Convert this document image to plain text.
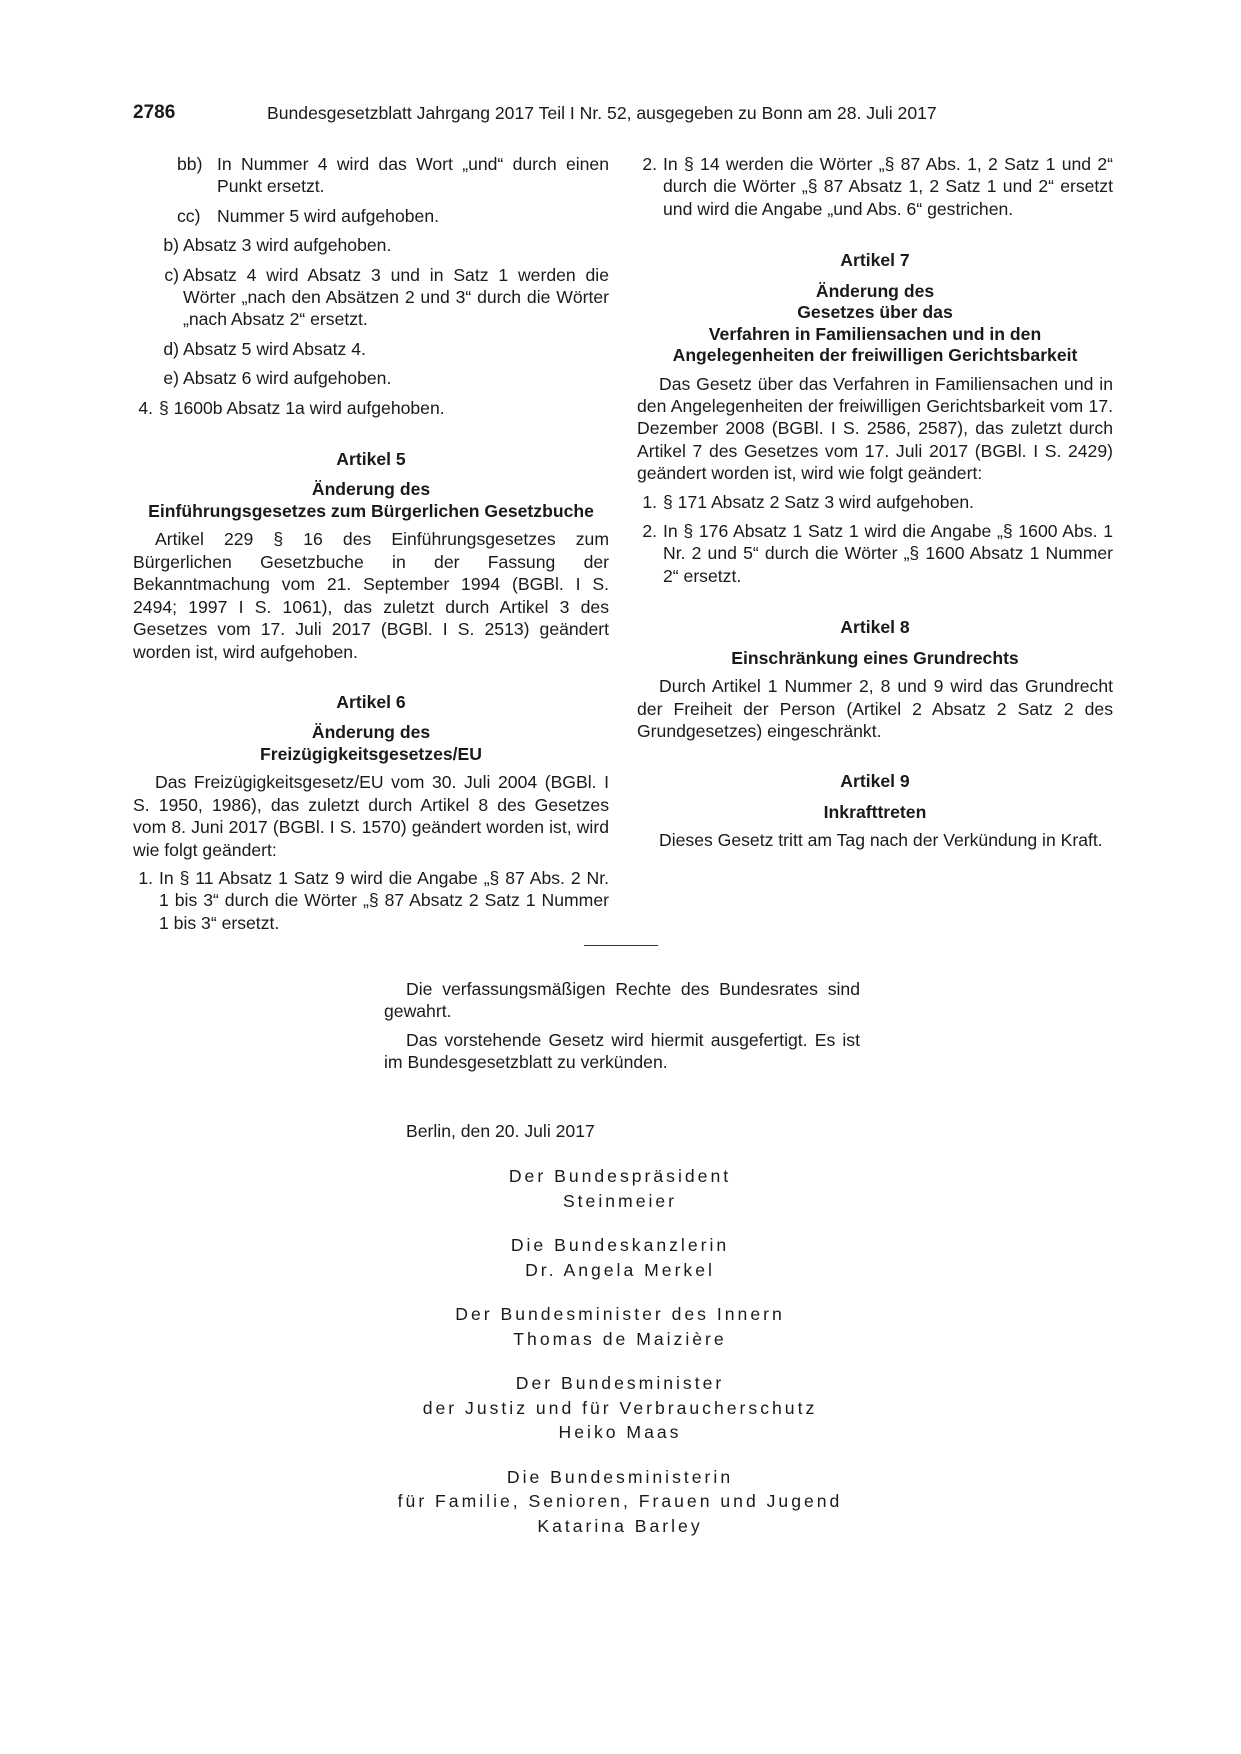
2786	Bundesgesetzblatt Jahrgang 2017 Teil I Nr. 52, ausgegeben zu Bonn am 28. Juli 2017
bb) In Nummer 4 wird das Wort „und“ durch einen Punkt ersetzt.
cc) Nummer 5 wird aufgehoben.
b) Absatz 3 wird aufgehoben.
c) Absatz 4 wird Absatz 3 und in Satz 1 werden die Wörter „nach den Absätzen 2 und 3“ durch die Wörter „nach Absatz 2“ ersetzt.
d) Absatz 5 wird Absatz 4.
e) Absatz 6 wird aufgehoben.
4. § 1600b Absatz 1a wird aufgehoben.
Artikel 5
Änderung des
Einführungsgesetzes zum Bürgerlichen Gesetzbuche
Artikel 229 § 16 des Einführungsgesetzes zum Bürgerlichen Gesetzbuche in der Fassung der Bekanntmachung vom 21. September 1994 (BGBl. I S. 2494; 1997 I S. 1061), das zuletzt durch Artikel 3 des Gesetzes vom 17. Juli 2017 (BGBl. I S. 2513) geändert worden ist, wird aufgehoben.
Artikel 6
Änderung des
Freizügigkeitsgesetzes/EU
Das Freizügigkeitsgesetz/EU vom 30. Juli 2004 (BGBl. I S. 1950, 1986), das zuletzt durch Artikel 8 des Gesetzes vom 8. Juni 2017 (BGBl. I S. 1570) geändert worden ist, wird wie folgt geändert:
1. In § 11 Absatz 1 Satz 9 wird die Angabe „§ 87 Abs. 2 Nr. 1 bis 3“ durch die Wörter „§ 87 Absatz 2 Satz 1 Nummer 1 bis 3“ ersetzt.
2. In § 14 werden die Wörter „§ 87 Abs. 1, 2 Satz 1 und 2“ durch die Wörter „§ 87 Absatz 1, 2 Satz 1 und 2“ ersetzt und wird die Angabe „und Abs. 6“ gestrichen.
Artikel 7
Änderung des
Gesetzes über das
Verfahren in Familiensachen und in den
Angelegenheiten der freiwilligen Gerichtsbarkeit
Das Gesetz über das Verfahren in Familiensachen und in den Angelegenheiten der freiwilligen Gerichtsbarkeit vom 17. Dezember 2008 (BGBl. I S. 2586, 2587), das zuletzt durch Artikel 7 des Gesetzes vom 17. Juli 2017 (BGBl. I S. 2429) geändert worden ist, wird wie folgt geändert:
1. § 171 Absatz 2 Satz 3 wird aufgehoben.
2. In § 176 Absatz 1 Satz 1 wird die Angabe „§ 1600 Abs. 1 Nr. 2 und 5“ durch die Wörter „§ 1600 Absatz 1 Nummer 2“ ersetzt.
Artikel 8
Einschränkung eines Grundrechts
Durch Artikel 1 Nummer 2, 8 und 9 wird das Grundrecht der Freiheit der Person (Artikel 2 Absatz 2 Satz 2 des Grundgesetzes) eingeschränkt.
Artikel 9
Inkrafttreten
Dieses Gesetz tritt am Tag nach der Verkündung in Kraft.
Die verfassungsmäßigen Rechte des Bundesrates sind gewahrt.
Das vorstehende Gesetz wird hiermit ausgefertigt. Es ist im Bundesgesetzblatt zu verkünden.
Berlin, den 20. Juli 2017
Der Bundespräsident
Steinmeier
Die Bundeskanzlerin
Dr. Angela Merkel
Der Bundesminister des Innern
Thomas de Maizière
Der Bundesminister
der Justiz und für Verbraucherschutz
Heiko Maas
Die Bundesministerin
für Familie, Senioren, Frauen und Jugend
Katarina Barley
